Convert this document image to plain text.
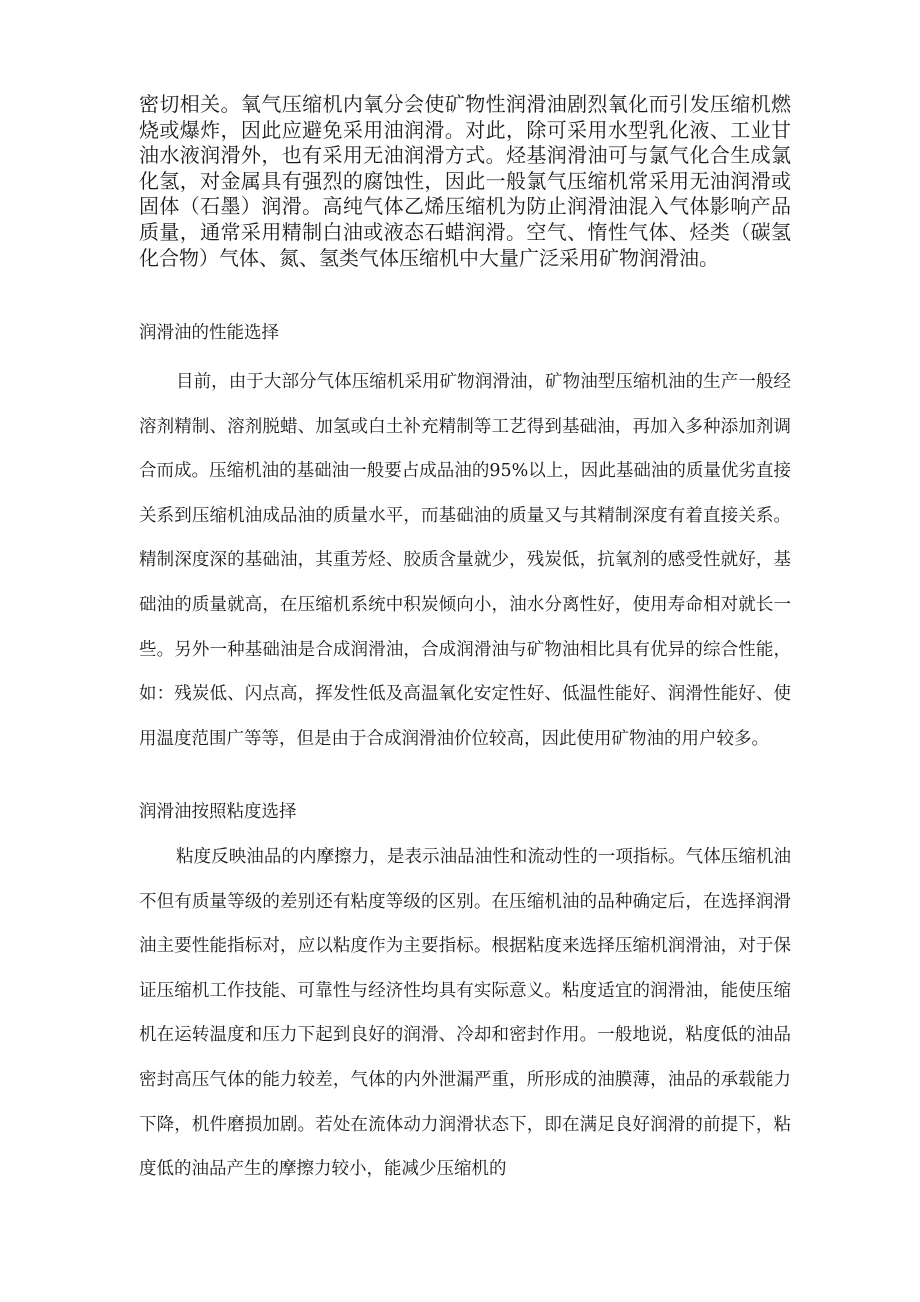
密切相关。氧气压缩机内氧分会使矿物性润滑油剧烈氧化而引发压缩机燃烧或爆炸，因此应避免采用油润滑。对此，除可采用水型乳化液、工业甘油水液润滑外，也有采用无油润滑方式。烃基润滑油可与氯气化合生成氯化氢，对金属具有强烈的腐蚀性，因此一般氯气压缩机常采用无油润滑或固体（石墨）润滑。高纯气体乙烯压缩机为防止润滑油混入气体影响产品质量，通常采用精制白油或液态石蜡润滑。空气、惰性气体、烃类（碳氢化合物）气体、氮、氢类气体压缩机中大量广泛采用矿物润滑油。
润滑油的性能选择
目前，由于大部分气体压缩机采用矿物润滑油，矿物油型压缩机油的生产一般经溶剂精制、溶剂脱蜡、加氢或白土补充精制等工艺得到基础油，再加入多种添加剂调合而成。压缩机油的基础油一般要占成品油的95%以上，因此基础油的质量优劣直接关系到压缩机油成品油的质量水平，而基础油的质量又与其精制深度有着直接关系。精制深度深的基础油，其重芳烃、胶质含量就少，残炭低，抗氧剂的感受性就好，基础油的质量就高，在压缩机系统中积炭倾向小，油水分离性好，使用寿命相对就长一些。另外一种基础油是合成润滑油，合成润滑油与矿物油相比具有优异的综合性能，如：残炭低、闪点高，挥发性低及高温氧化安定性好、低温性能好、润滑性能好、使用温度范围广等等，但是由于合成润滑油价位较高，因此使用矿物油的用户较多。
润滑油按照粘度选择
粘度反映油品的内摩擦力，是表示油品油性和流动性的一项指标。气体压缩机油不但有质量等级的差别还有粘度等级的区别。在压缩机油的品种确定后，在选择润滑油主要性能指标对，应以粘度作为主要指标。根据粘度来选择压缩机润滑油，对于保证压缩机工作技能、可靠性与经济性均具有实际意义。粘度适宜的润滑油，能使压缩机在运转温度和压力下起到良好的润滑、冷却和密封作用。一般地说，粘度低的油品密封高压气体的能力较差，气体的内外泄漏严重，所形成的油膜薄，油品的承载能力下降，机件磨损加剧。若处在流体动力润滑状态下，即在满足良好润滑的前提下，粘度低的油品产生的摩擦力较小，能减少压缩机的
